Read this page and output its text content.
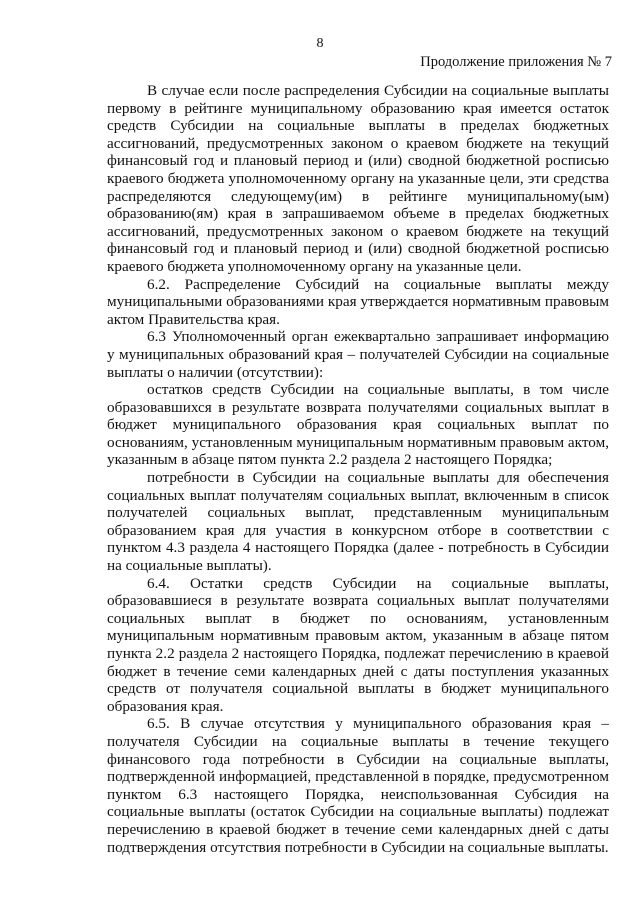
8
Продолжение приложения № 7

В случае если после распределения Субсидии на социальные выплаты первому в рейтинге муниципальному образованию края имеется остаток средств Субсидии на социальные выплаты в пределах бюджетных ассигнований, предусмотренных законом о краевом бюджете на текущий финансовый год и плановый период и (или) сводной бюджетной росписью краевого бюджета уполномоченному органу на указанные цели, эти средства распределяются следующему(им) в рейтинге муниципальному(ым) образованию(ям) края в запрашиваемом объеме в пределах бюджетных ассигнований, предусмотренных законом о краевом бюджете на текущий финансовый год и плановый период и (или) сводной бюджетной росписью краевого бюджета уполномоченному органу на указанные цели.

6.2. Распределение Субсидий на социальные выплаты между муниципальными образованиями края утверждается нормативным правовым актом Правительства края.

6.3 Уполномоченный орган ежеквартально запрашивает информацию у муниципальных образований края – получателей Субсидии на социальные выплаты о наличии (отсутствии):

остатков средств Субсидии на социальные выплаты, в том числе образовавшихся в результате возврата получателями социальных выплат в бюджет муниципального образования края социальных выплат по основаниям, установленным муниципальным нормативным правовым актом, указанным в абзаце пятом пункта 2.2 раздела 2 настоящего Порядка;

потребности в Субсидии на социальные выплаты для обеспечения социальных выплат получателям социальных выплат, включенным в список получателей социальных выплат, представленным муниципальным образованием края для участия в конкурсном отборе в соответствии с пунктом 4.3 раздела 4 настоящего Порядка (далее - потребность в Субсидии на социальные выплаты).

6.4. Остатки средств Субсидии на социальные выплаты, образовавшиеся в результате возврата социальных выплат получателями социальных выплат в бюджет по основаниям, установленным муниципальным нормативным правовым актом, указанным в абзаце пятом пункта 2.2 раздела 2 настоящего Порядка, подлежат перечислению в краевой бюджет в течение семи календарных дней с даты поступления указанных средств от получателя социальной выплаты в бюджет муниципального образования края.

6.5. В случае отсутствия у муниципального образования края – получателя Субсидии на социальные выплаты в течение текущего финансового года потребности в Субсидии на социальные выплаты, подтвержденной информацией, представленной в порядке, предусмотренном пунктом 6.3 настоящего Порядка, неиспользованная Субсидия на социальные выплаты (остаток Субсидии на социальные выплаты) подлежат перечислению в краевой бюджет в течение семи календарных дней с даты подтверждения отсутствия потребности в Субсидии на социальные выплаты.
